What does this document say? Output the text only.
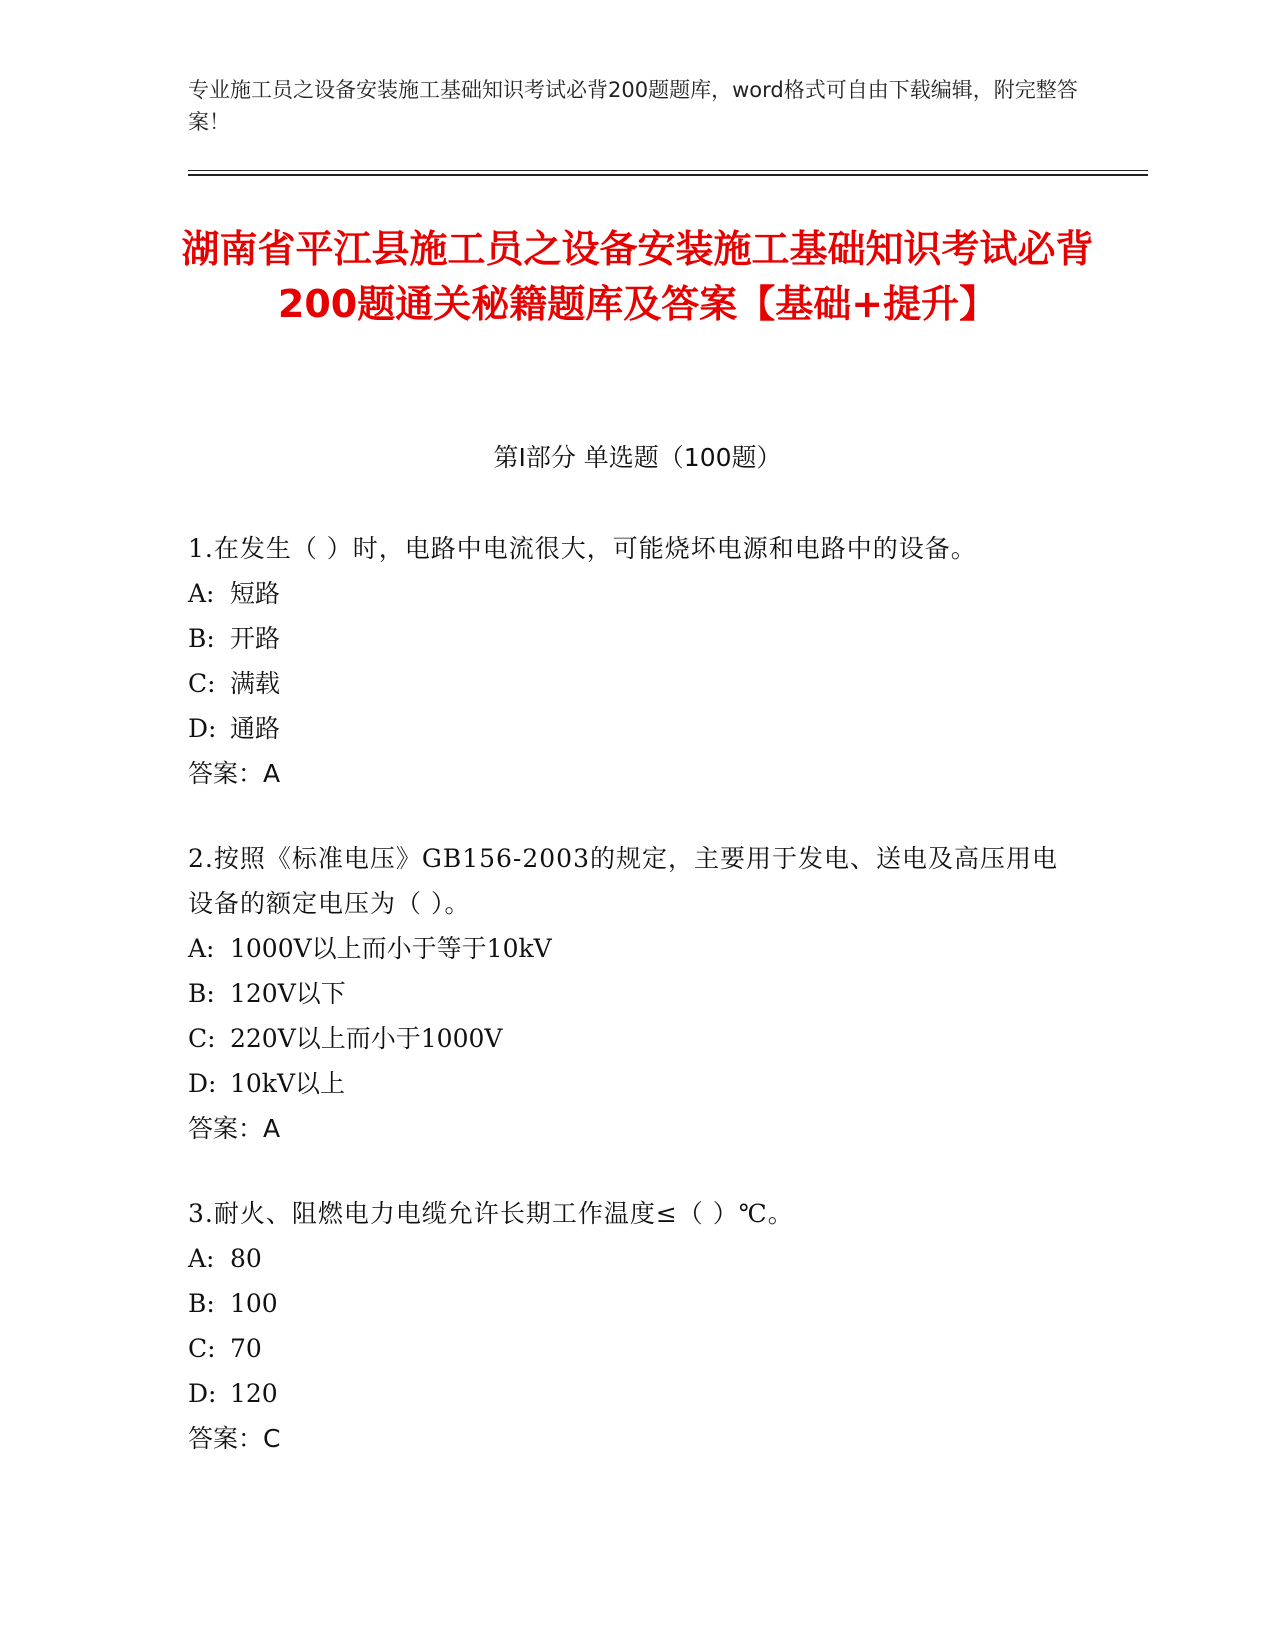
专业施工员之设备安装施工基础知识考试必背200题题库，word格式可自由下载编辑，附完整答案！
湖南省平江县施工员之设备安装施工基础知识考试必背200题通关秘籍题库及答案【基础+提升】
第Ⅰ部分 单选题（100题）
1.在发生（ ）时，电路中电流很大，可能烧坏电源和电路中的设备。
A: 短路
B: 开路
C: 满载
D: 通路
答案：A
2.按照《标准电压》GB156-2003的规定，主要用于发电、送电及高压用电设备的额定电压为（ ）。
A: 1000V以上而小于等于10kV
B: 120V以下
C: 220V以上而小于1000V
D: 10kV以上
答案：A
3.耐火、阻燃电力电缆允许长期工作温度≤（ ）℃。
A: 80
B: 100
C: 70
D: 120
答案：C
